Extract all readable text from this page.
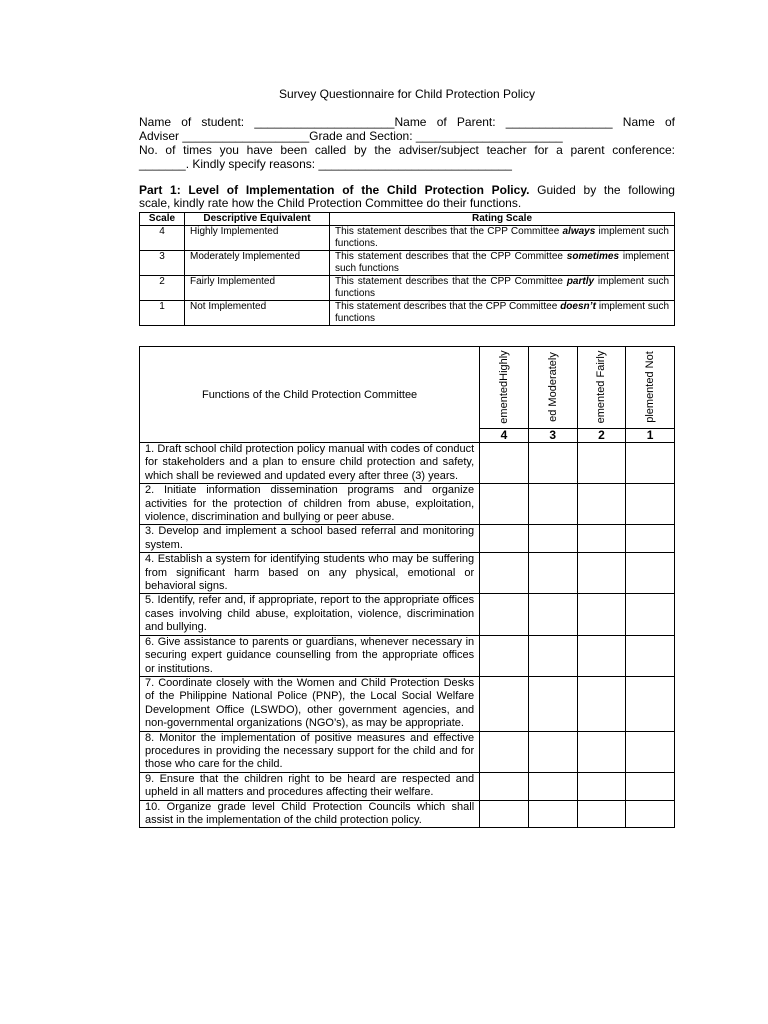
Survey Questionnaire for Child Protection Policy
Name of student: _____________________Name of Parent: ________________ Name of
Adviser ___________________Grade and Section: ______________________
No. of times you have been called by the adviser/subject teacher for a parent conference:
_______. Kindly specify reasons: _____________________________
Part 1: Level of Implementation of the Child Protection Policy. Guided by the following
scale, kindly rate how the Child Protection Committee do their functions.
Scale	Descriptive Equivalent	Rating Scale
4	Highly Implemented	This statement describes that the CPP Committee always implement such functions.
3	Moderately Implemented	This statement describes that the CPP Committee sometimes implement such functions
2	Fairly Implemented	This statement describes that the CPP Committee partly implement such functions
1	Not Implemented	This statement describes that the CPP Committee doesn’t implement such functions
Functions of the Child Protection Committee	ementedHighly	ed Moderately	emented Fairly	plemented Not

	4	3	2	1
1. Draft school child protection policy manual with codes of conduct for stakeholders and a plan to ensure child protection and safety, which shall be reviewed and updated every after three (3) years.				
2. Initiate information dissemination programs and organize activities for the protection of children from abuse, exploitation, violence, discrimination and bullying or peer abuse.				
3. Develop and implement a school based referral and monitoring system.				
4. Establish a system for identifying students who may be suffering from significant harm based on any physical, emotional or behavioral signs.				
5. Identify, refer and, if appropriate, report to the appropriate offices cases involving child abuse, exploitation, violence, discrimination and bullying.				
6. Give assistance to parents or guardians, whenever necessary in securing expert guidance counselling from the appropriate offices or institutions.				
7. Coordinate closely with the Women and Child Protection Desks of the Philippine National Police (PNP), the Local Social Welfare Development Office (LSWDO), other government agencies, and non-governmental organizations (NGO’s), as may be appropriate.				
8. Monitor the implementation of positive measures and effective procedures in providing the necessary support for the child and for those who care for the child.				
9. Ensure that the children right to be heard are respected and upheld in all matters and procedures affecting their welfare.				
10. Organize grade level Child Protection Councils which shall assist in the implementation of the child protection policy.				
